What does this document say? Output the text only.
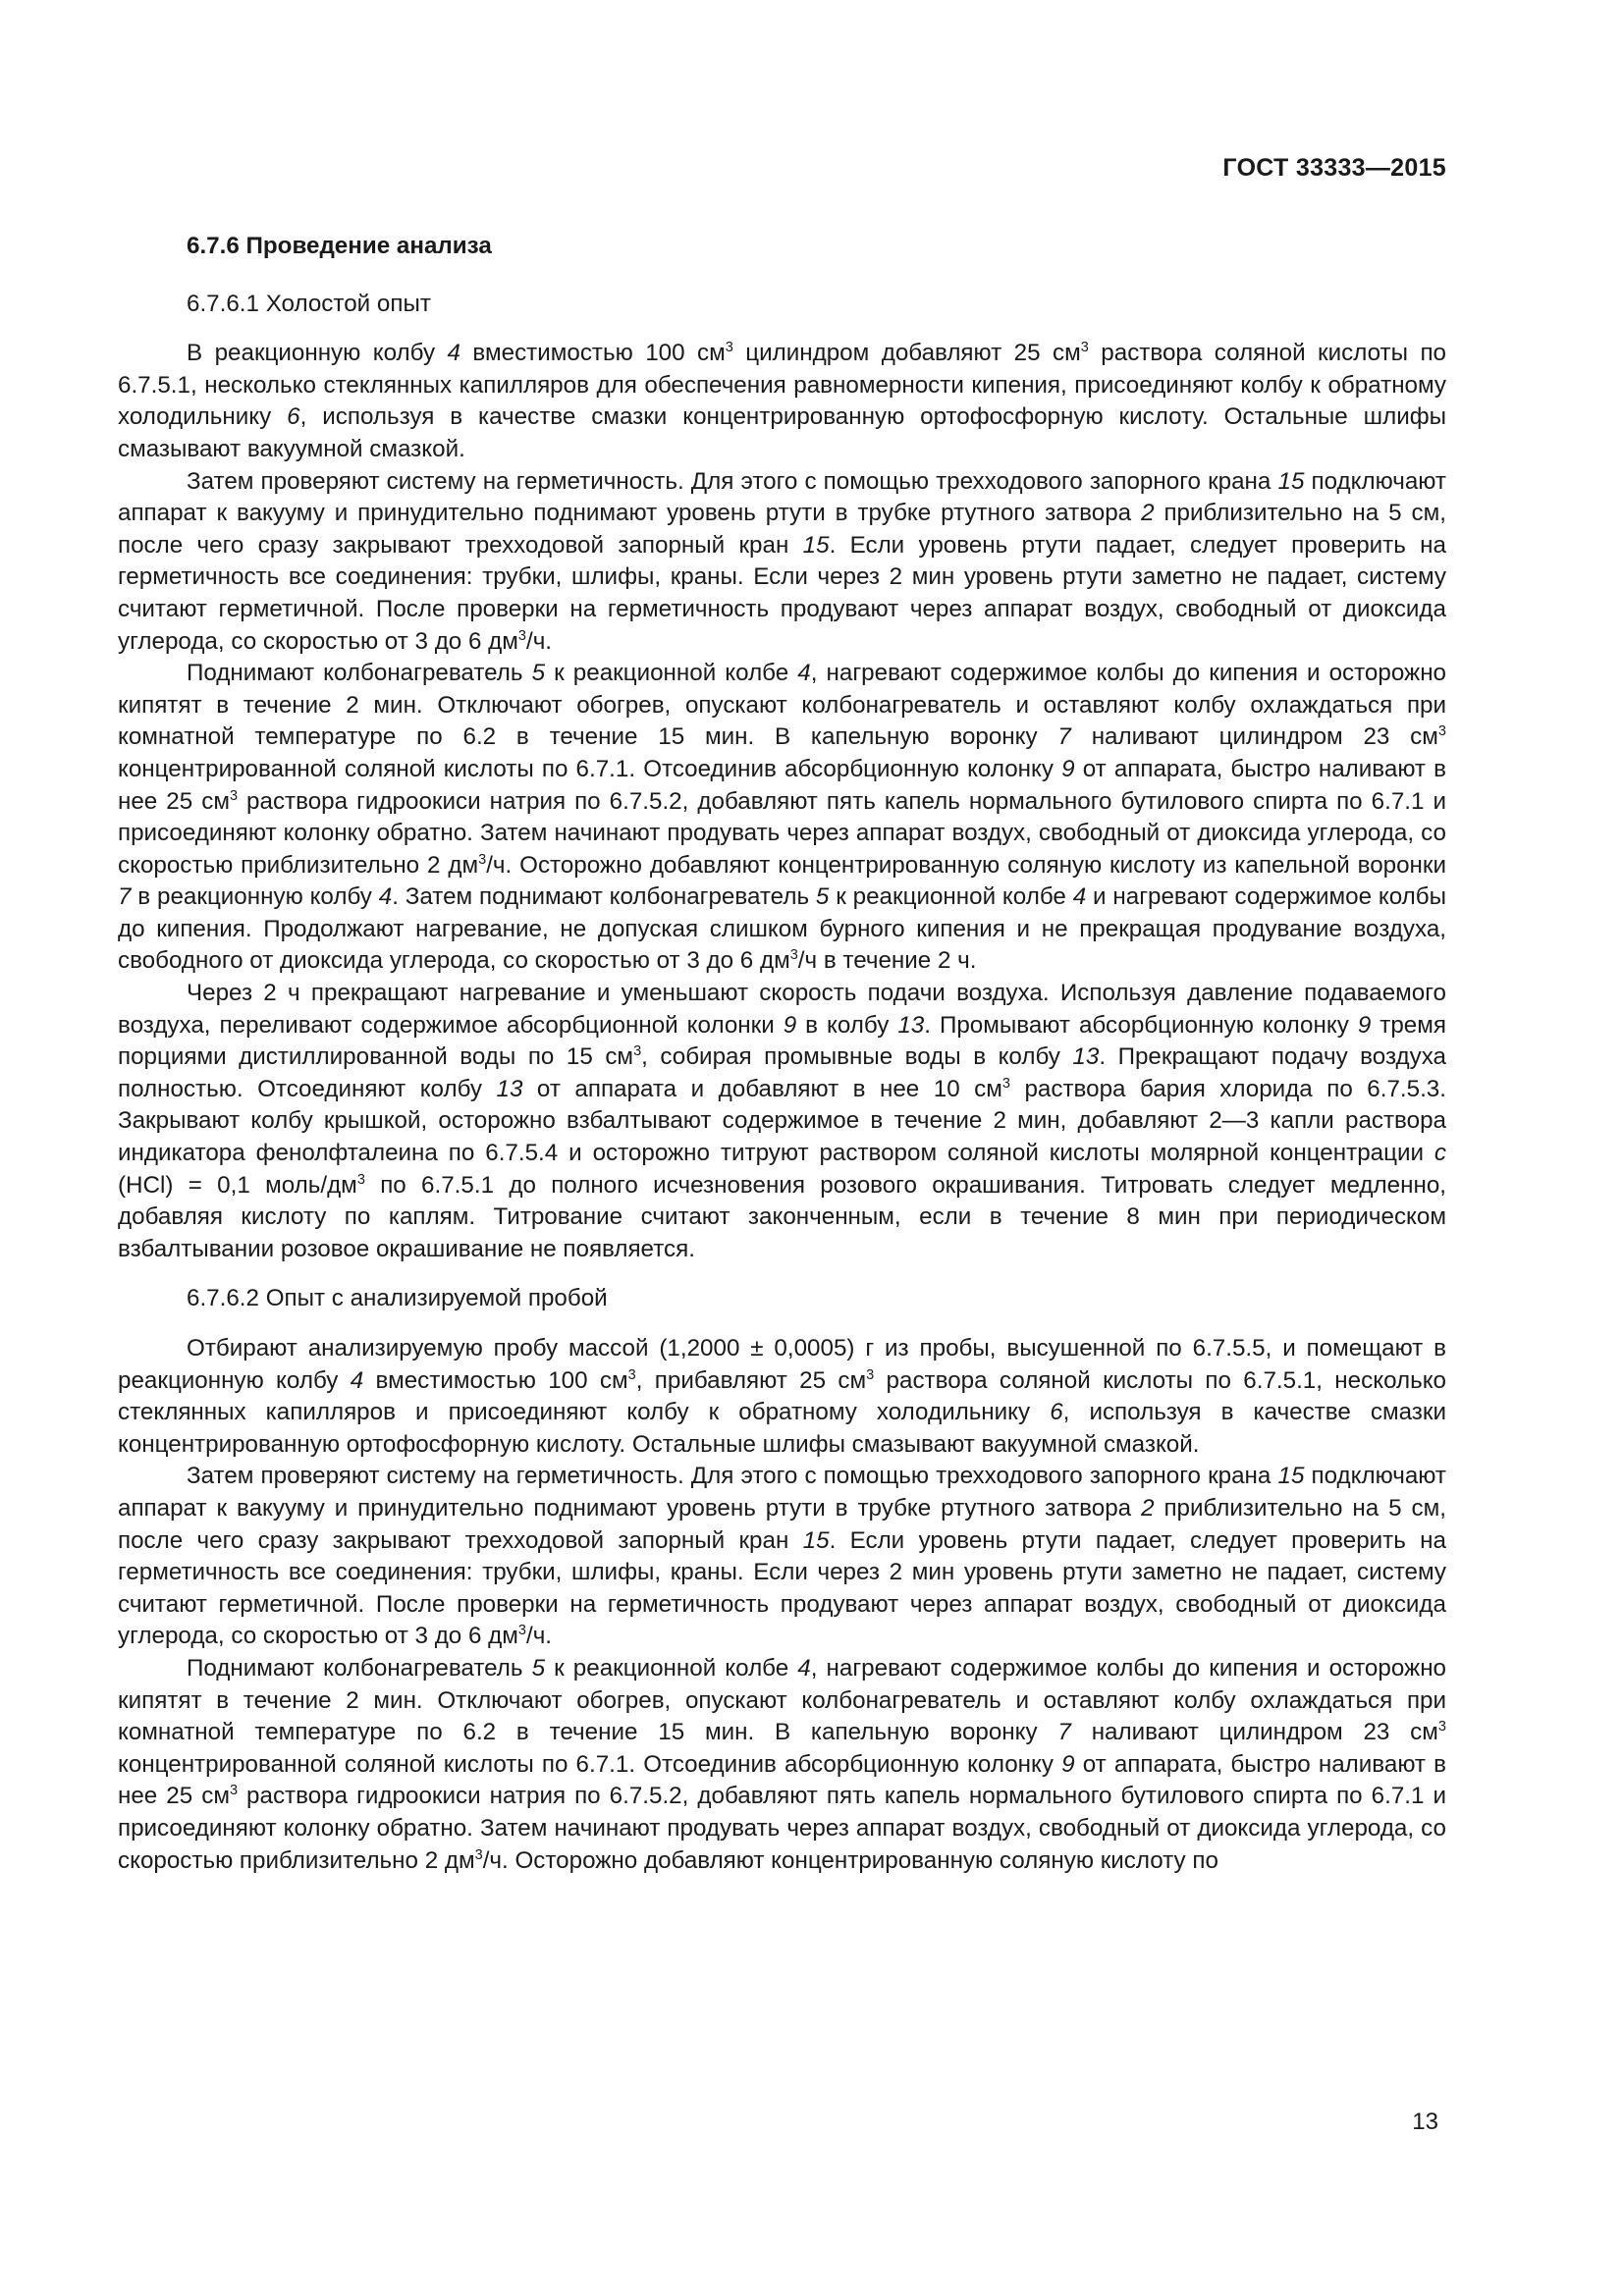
ГОСТ 33333—2015
6.7.6 Проведение анализа
6.7.6.1 Холостой опыт
В реакционную колбу 4 вместимостью 100 $см^3$ цилиндром добавляют 25 $см^3$ раствора соляной кислоты по 6.7.5.1, несколько стеклянных капилляров для обеспечения равномерности кипения, присоединяют колбу к обратному холодильнику 6, используя в качестве смазки концентрированную ортофосфорную кислоту. Остальные шлифы смазывают вакуумной смазкой.
Затем проверяют систему на герметичность. Для этого с помощью трехходового запорного крана 15 подключают аппарат к вакууму и принудительно поднимают уровень ртути в трубке ртутного затвора 2 приблизительно на 5 см, после чего сразу закрывают трехходовой запорный кран 15. Если уровень ртути падает, следует проверить на герметичность все соединения: трубки, шлифы, краны. Если через 2 мин уровень ртути заметно не падает, систему считают герметичной. После проверки на герметичность продувают через аппарат воздух, свободный от диоксида углерода, со скоростью от 3 до 6 $дм^3/ч$.
Поднимают колбонагреватель 5 к реакционной колбе 4, нагревают содержимое колбы до кипения и осторожно кипятят в течение 2 мин. Отключают обогрев, опускают колбонагреватель и оставляют колбу охлаждаться при комнатной температуре по 6.2 в течение 15 мин. В капельную воронку 7 наливают цилиндром 23 $см^3$ концентрированной соляной кислоты по 6.7.1. Отсоединив абсорбционную колонку 9 от аппарата, быстро наливают в нее 25 $см^3$ раствора гидроокиси натрия по 6.7.5.2, добавляют пять капель нормального бутилового спирта по 6.7.1 и присоединяют колонку обратно. Затем начинают продувать через аппарат воздух, свободный от диоксида углерода, со скоростью приблизительно 2 $дм^3/ч$. Осторожно добавляют концентрированную соляную кислоту из капельной воронки 7 в реакционную колбу 4. Затем поднимают колбонагреватель 5 к реакционной колбе 4 и нагревают содержимое колбы до кипения. Продолжают нагревание, не допуская слишком бурного кипения и не прекращая продувание воздуха, свободного от диоксида углерода, со скоростью от 3 до 6 $дм^3/ч$ в течение 2 ч.
Через 2 ч прекращают нагревание и уменьшают скорость подачи воздуха. Используя давление подаваемого воздуха, переливают содержимое абсорбционной колонки 9 в колбу 13. Промывают абсорбционную колонку 9 тремя порциями дистиллированной воды по 15 $см^3$, собирая промывные воды в колбу 13. Прекращают подачу воздуха полностью. Отсоединяют колбу 13 от аппарата и добавляют в нее 10 $см^3$ раствора бария хлорида по 6.7.5.3. Закрывают колбу крышкой, осторожно взбалтывают содержимое в течение 2 мин, добавляют 2—3 капли раствора индикатора фенолфталеина по 6.7.5.4 и осторожно титруют раствором соляной кислоты молярной концентрации c (HCl) = 0,1 моль/$дм^3$ по 6.7.5.1 до полного исчезновения розового окрашивания. Титровать следует медленно, добавляя кислоту по каплям. Титрование считают законченным, если в течение 8 мин при периодическом взбалтывании розовое окрашивание не появляется.
6.7.6.2 Опыт с анализируемой пробой
Отбирают анализируемую пробу массой (1,2000 ± 0,0005) г из пробы, высушенной по 6.7.5.5, и помещают в реакционную колбу 4 вместимостью 100 $см^3$, прибавляют 25 $см^3$ раствора соляной кислоты по 6.7.5.1, несколько стеклянных капилляров и присоединяют колбу к обратному холодильнику 6, используя в качестве смазки концентрированную ортофосфорную кислоту. Остальные шлифы смазывают вакуумной смазкой.
Затем проверяют систему на герметичность. Для этого с помощью трехходового запорного крана 15 подключают аппарат к вакууму и принудительно поднимают уровень ртути в трубке ртутного затвора 2 приблизительно на 5 см, после чего сразу закрывают трехходовой запорный кран 15. Если уровень ртути падает, следует проверить на герметичность все соединения: трубки, шлифы, краны. Если через 2 мин уровень ртути заметно не падает, систему считают герметичной. После проверки на герметичность продувают через аппарат воздух, свободный от диоксида углерода, со скоростью от 3 до 6 $дм^3/ч$.
Поднимают колбонагреватель 5 к реакционной колбе 4, нагревают содержимое колбы до кипения и осторожно кипятят в течение 2 мин. Отключают обогрев, опускают колбонагреватель и оставляют колбу охлаждаться при комнатной температуре по 6.2 в течение 15 мин. В капельную воронку 7 наливают цилиндром 23 $см^3$ концентрированной соляной кислоты по 6.7.1. Отсоединив абсорбционную колонку 9 от аппарата, быстро наливают в нее 25 $см^3$ раствора гидроокиси натрия по 6.7.5.2, добавляют пять капель нормального бутилового спирта по 6.7.1 и присоединяют колонку обратно. Затем начинают продувать через аппарат воздух, свободный от диоксида углерода, со скоростью приблизительно 2 $дм^3/ч$. Осторожно добавляют концентрированную соляную кислоту по
13
